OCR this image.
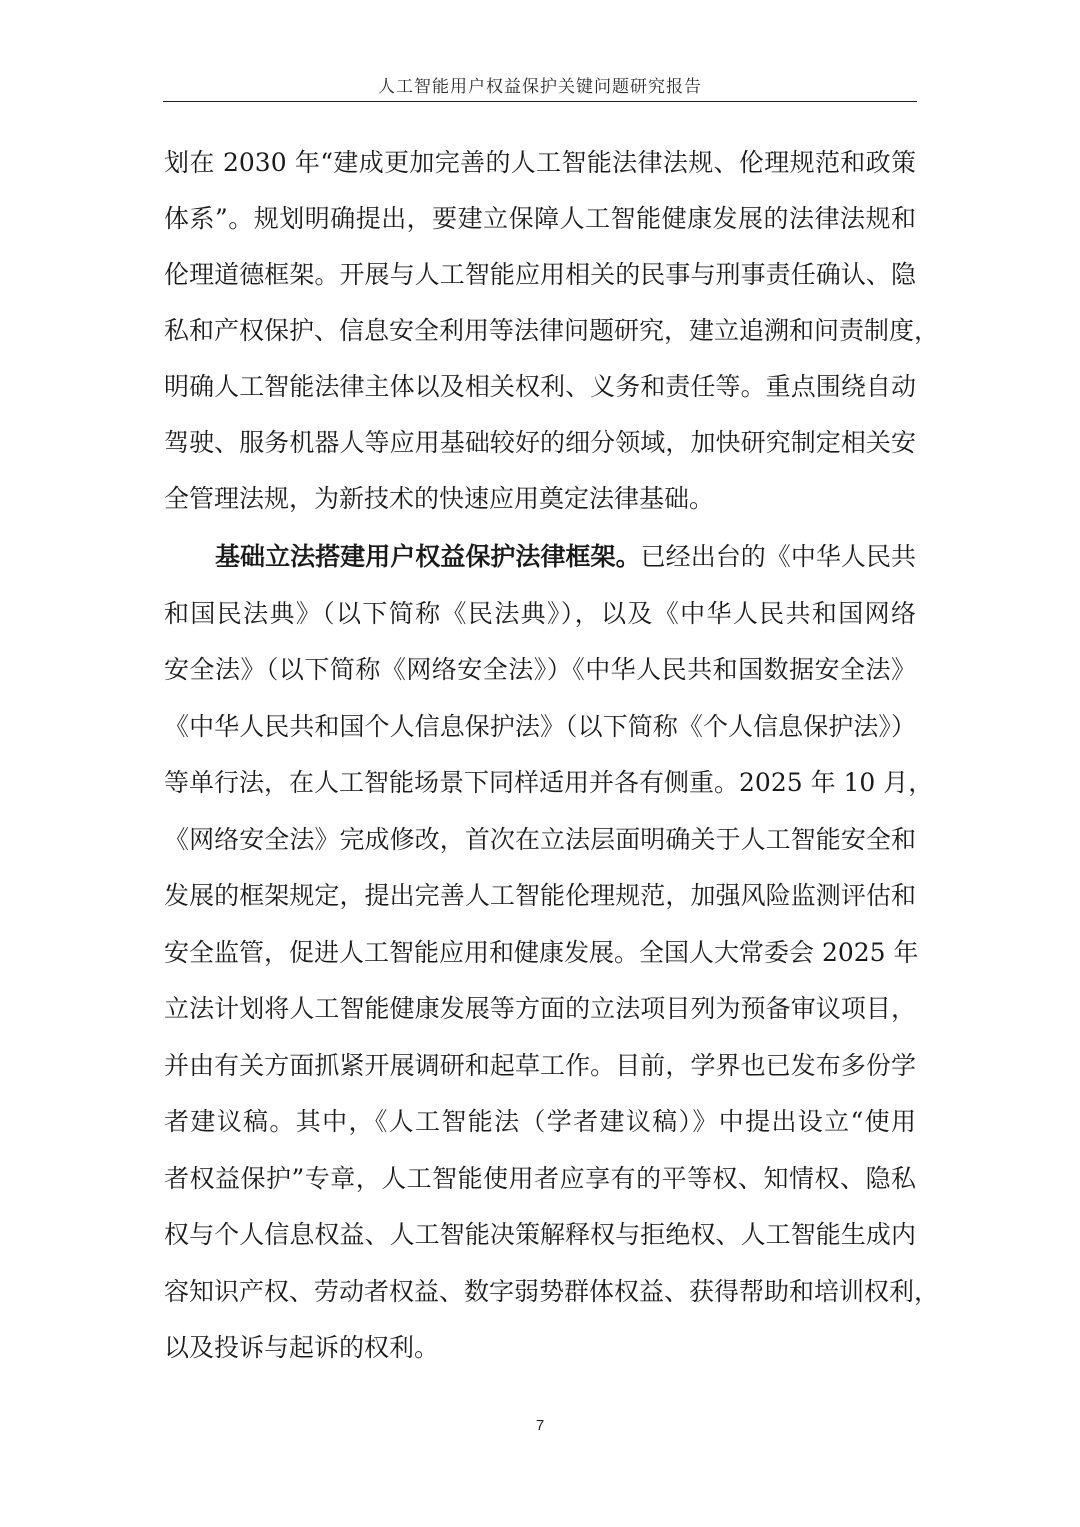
人工智能用户权益保护关键问题研究报告
划在 2030 年“建成更加完善的人工智能法律法规、伦理规范和政策
体系”。规划明确提出，要建立保障人工智能健康发展的法律法规和
伦理道德框架。开展与人工智能应用相关的民事与刑事责任确认、隐
私和产权保护、信息安全利用等法律问题研究，建立追溯和问责制度，
明确人工智能法律主体以及相关权利、义务和责任等。重点围绕自动
驾驶、服务机器人等应用基础较好的细分领域，加快研究制定相关安
全管理法规，为新技术的快速应用奠定法律基础。
基础立法搭建用户权益保护法律框架。已经出台的《中华人民共
和国民法典》（以下简称《民法典》），以及《中华人民共和国网络
安全法》（以下简称《网络安全法》）《中华人民共和国数据安全法》
《中华人民共和国个人信息保护法》（以下简称《个人信息保护法》）
等单行法，在人工智能场景下同样适用并各有侧重。2025 年 10 月，
《网络安全法》完成修改，首次在立法层面明确关于人工智能安全和
发展的框架规定，提出完善人工智能伦理规范，加强风险监测评估和
安全监管，促进人工智能应用和健康发展。全国人大常委会 2025 年
立法计划将人工智能健康发展等方面的立法项目列为预备审议项目，
并由有关方面抓紧开展调研和起草工作。目前，学界也已发布多份学
者建议稿。其中，《人工智能法（学者建议稿）》中提出设立“使用
者权益保护”专章，人工智能使用者应享有的平等权、知情权、隐私
权与个人信息权益、人工智能决策解释权与拒绝权、人工智能生成内
容知识产权、劳动者权益、数字弱势群体权益、获得帮助和培训权利，
以及投诉与起诉的权利。
7
